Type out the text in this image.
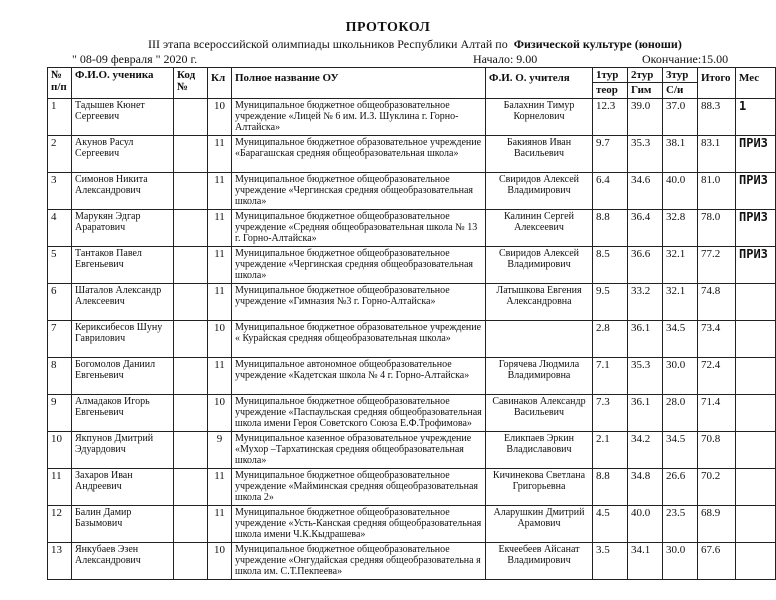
ПРОТОКОЛ
III этапа всероссийской олимпиады школьников Республики Алтай по Физической культуре (юноши)
" 08-09 февраля " 2020 г.	Начало: 9.00	Окончание:15.00
№ п/п	Ф.И.О. ученика	Код №	Кл	Полное название ОУ	Ф.И. О. учителя	1тур	2тур	3тур	Итого	Мес
						теор	Гим	С/и		
1	Тадышев Кюнет Сергеевич		10	Муниципальное бюджетное общеобразовательное учреждение «Лицей № 6 им. И.З. Шуклина г. Горно-Алтайска»	Балахнин Тимур Корнелович	12.3	39.0	37.0	88.3	1
2	Акунов Расул Сергеевич		11	Муниципальное бюджетное образовательное учреждение «Барагашская средняя общеобразовательная школа»	Бакиянов Иван Васильевич	9.7	35.3	38.1	83.1	ПРИЗ
3	Симонов Никита Александрович		11	Муниципальное бюджетное общеобразовательное учреждение «Чергинская средняя общеобразовательная школа»	Свиридов Алексей Владимирович	6.4	34.6	40.0	81.0	ПРИЗ
4	Марукян Эдгар Араратович		11	Муниципальное бюджетное общеобразовательное учреждение «Средняя общеобразовательная школа № 13 г. Горно-Алтайска»	Калинин Сергей Алексеевич	8.8	36.4	32.8	78.0	ПРИЗ
5	Тантаков Павел Евгеньевич		11	Муниципальное бюджетное общеобразовательное учреждение «Чергинская средняя общеобразовательная школа»	Свиридов Алексей Владимирович	8.5	36.6	32.1	77.2	ПРИЗ
6	Шаталов Александр Алексеевич		11	Муниципальное бюджетное общеобразовательное учреждение «Гимназия №3 г. Горно-Алтайска»	Латышкова Евгения Александровна	9.5	33.2	32.1	74.8	
7	Кериксибесов Шуну Гаврилович		10	Муниципальное бюджетное образовательное учреждение « Курайская средняя общеобразовательная школа»		2.8	36.1	34.5	73.4	
8	Богомолов Даниил Евгеньевич		11	Муниципальное автономное общеобразовательное учреждение «Кадетская школа № 4 г. Горно-Алтайска»	Горячева Людмила Владимировна	7.1	35.3	30.0	72.4	
9	Алмадаков Игорь Евгеньевич		10	Муниципальное бюджетное общеобразовательное учреждение «Паспаульская средняя общеобразовательная школа имени Героя Советского Союза Е.Ф.Трофимова»	Савинаков Александр Васильевич	7.3	36.1	28.0	71.4	
10	Якпунов Дмитрий Эдуардович		9	Муниципальное казенное образовательное учреждение «Мухор –Тархатинская средняя общеобразовательная школа»	Еликпаев Эркин Владиславович	2.1	34.2	34.5	70.8	
11	Захаров Иван Андреевич		11	Муниципальное бюджетное общеобразовательное учреждение «Майминская средняя общеобразовательная школа 2»	Кичинекова Светлана Григорьевна	8.8	34.8	26.6	70.2	
12	Балин Дамир Базымович		11	Муниципальное бюджетное общеобразовательное учреждение «Усть-Канская средняя общеобразовательная школа имени Ч.К.Кыдрашева»	Аларушкин Дмитрий Арамович	4.5	40.0	23.5	68.9	
13	Янкубаев Эзен Александрович		10	Муниципальное бюджетное общеобразовательное учреждение «Онгудайская средняя общеобразовательна я школа им. С.Т.Пекпеева»	Екчеебеев Айсанат Владимирович	3.5	34.1	30.0	67.6	
